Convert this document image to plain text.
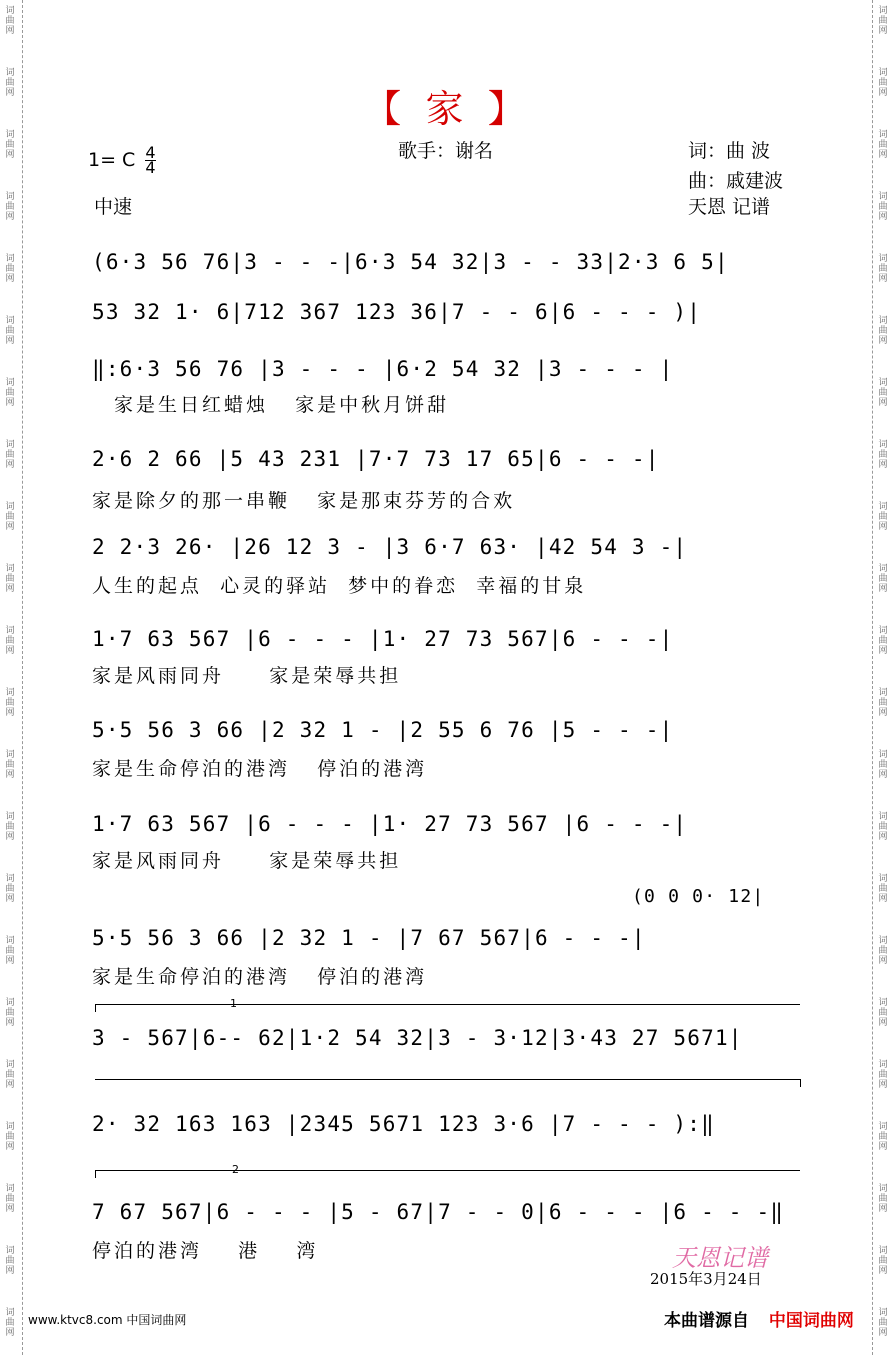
词
曲
网
词
曲
网
词
曲
网
词
曲
网
词
曲
网
词
曲
网
词
曲
网
词
曲
网
词
曲
网
词
曲
网
词
曲
网
词
曲
网
词
曲
网
词
曲
网
词
曲
网
词
曲
网
词
曲
网
词
曲
网
词
曲
网
词
曲
网
词
曲
网
词
曲
网
词
曲
网
词
曲
网
词
曲
网
词
曲
网
词
曲
网
词
曲
网
词
曲
网
词
曲
网
词
曲
网
词
曲
网
词
曲
网
词
曲
网
词
曲
网
词
曲
网
词
曲
网
词
曲
网
词
曲
网
词
曲
网
词
曲
网
词
曲
网
词
曲
网
词
曲
网
【 家 】
1= C $\frac{4}{4}$	歌手：谢名	词：曲 波
曲：戚建波
中速	天恩 记谱
(6·3 56 76|3 - - -|6·3 54 32|3 - - 33|2·3 6 5|
53 32 1· 6|712 367 123 36|7 - - 6|6 - - - )|
‖:6·3 56 76 |3 - - - |6·2 54 32 |3 - - - |
家是生日红蜡烛   家是中秋月饼甜
2·6 2 66 |5 43 231 |7·7 73 17 65|6 - - -|
家是除夕的那一串鞭   家是那束芬芳的合欢
2 2·3 26· |26 12 3 - |3 6·7 63· |42 54 3 -|
人生的起点  心灵的驿站  梦中的眷恋  幸福的甘泉
1·7 63 567 |6 - - - |1· 27 73 567|6 - - -|
家是风雨同舟     家是荣辱共担
5·5 56 3 66 |2 32 1 - |2 55 6 76 |5 - - -|
家是生命停泊的港湾   停泊的港湾
1·7 63 567 |6 - - - |1· 27 73 567 |6 - - -|
家是风雨同舟     家是荣辱共担
(0 0 0· 12|
5·5 56 3 66 |2 32 1 - |7 67 567|6 - - -|
家是生命停泊的港湾   停泊的港湾
1
3 - 567|6-- 62|1·2 54 32|3 - 3·12|3·43 27 5671|
2· 32 163 163 |2345 5671 123 3·6 |7 - - - ):‖
2
7 67 567|6 - - - |5 - 67|7 - - 0|6 - - - |6 - - -‖
停泊的港湾    港    湾	天恩记谱
2015年3月24日
www.ktvc8.com 中国词曲网	本曲谱源自 中国词曲网
